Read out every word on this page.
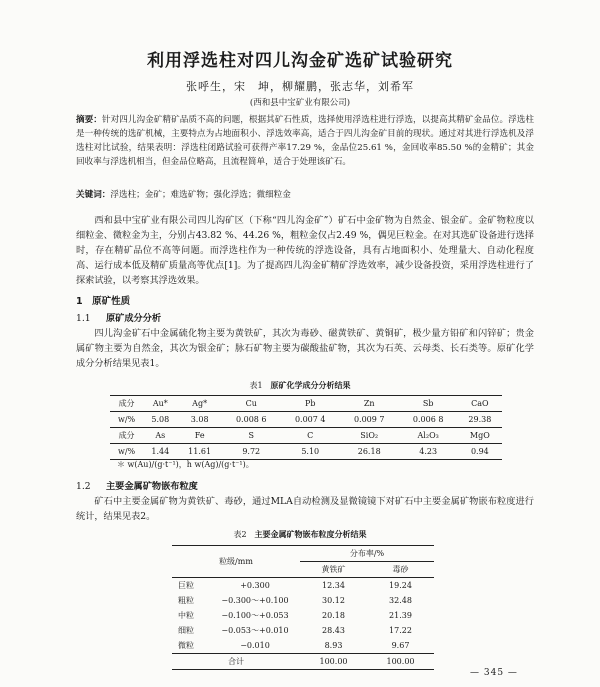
利用浮选柱对四儿沟金矿选矿试验研究
张呼生，宋　坤，柳耀鹏，张志华，刘希军
(西和县中宝矿业有限公司)
摘要：针对四儿沟金矿精矿品质不高的问题，根据其矿石性质，选择使用浮选柱进行浮选，以提高其精矿金品位。浮选柱是一种传统的选矿机械，主要特点为占地面积小、浮选效率高，适合于四儿沟金矿目前的现状。通过对其进行浮选机及浮选柱对比试验，结果表明：浮选柱闭路试验可获得产率17.29 %，金品位25.61 %，金回收率85.50 %的金精矿；其金回收率与浮选机相当，但金品位略高，且流程简单，适合于处理该矿石。
关键词：浮选柱；金矿；难选矿物；强化浮选；微细粒金
西和县中宝矿业有限公司四儿沟矿区（下称“四儿沟金矿”）矿石中金矿物为自然金、银金矿。金矿物粒度以细粒金、微粒金为主，分别占43.82 %、44.26 %，粗粒金仅占2.49 %，偶见巨粒金。在对其选矿设备进行选择时，存在精矿品位不高等问题。而浮选柱作为一种传统的浮选设备，具有占地面积小、处理量大、自动化程度高、运行成本低及精矿质量高等优点[1]。为了提高四儿沟金矿精矿浮选效率，减少设备投资，采用浮选柱进行了探索试验，以考察其浮选效果。
1　原矿性质
1.1 原矿成分分析
四儿沟金矿石中金属硫化物主要为黄铁矿，其次为毒砂、磁黄铁矿、黄铜矿，极少量方铅矿和闪锌矿；贵金属矿物主要为自然金，其次为银金矿；脉石矿物主要为碳酸盐矿物，其次为石英、云母类、长石类等。原矿化学成分分析结果见表1。
表1 原矿化学成分分析结果
成分	Au*	Ag*	Cu	Pb	Zn	Sb	CaO
w/%	5.08	3.08	0.008 6	0.007 4	0.009 7	0.006 8	29.38
成分	As	Fe	S	C	SiO₂	Al₂O₃	MgO
w/%	1.44	11.61	9.72	5.10	26.18	4.23	0.94
＊ w(Au)/(g·t⁻¹)，h w(Ag)/(g·t⁻¹)。
1.2 主要金属矿物嵌布粒度
矿石中主要金属矿物为黄铁矿、毒砂，通过MLA自动检测及显微镜镜下对矿石中主要金属矿物嵌布粒度进行统计，结果见表2。
表2 主要金属矿物嵌布粒度分析结果
粒级/mm		分布率/%	
		黄铁矿	毒砂
巨粒	+0.300	12.34	19.24
粗粒	−0.300～+0.100	30.12	32.48
中粒	−0.100～+0.053	20.18	21.39
细粒	−0.053～+0.010	28.43	17.22
微粒	−0.010	8.93	9.67
合计		100.00	100.00
— 345 —
